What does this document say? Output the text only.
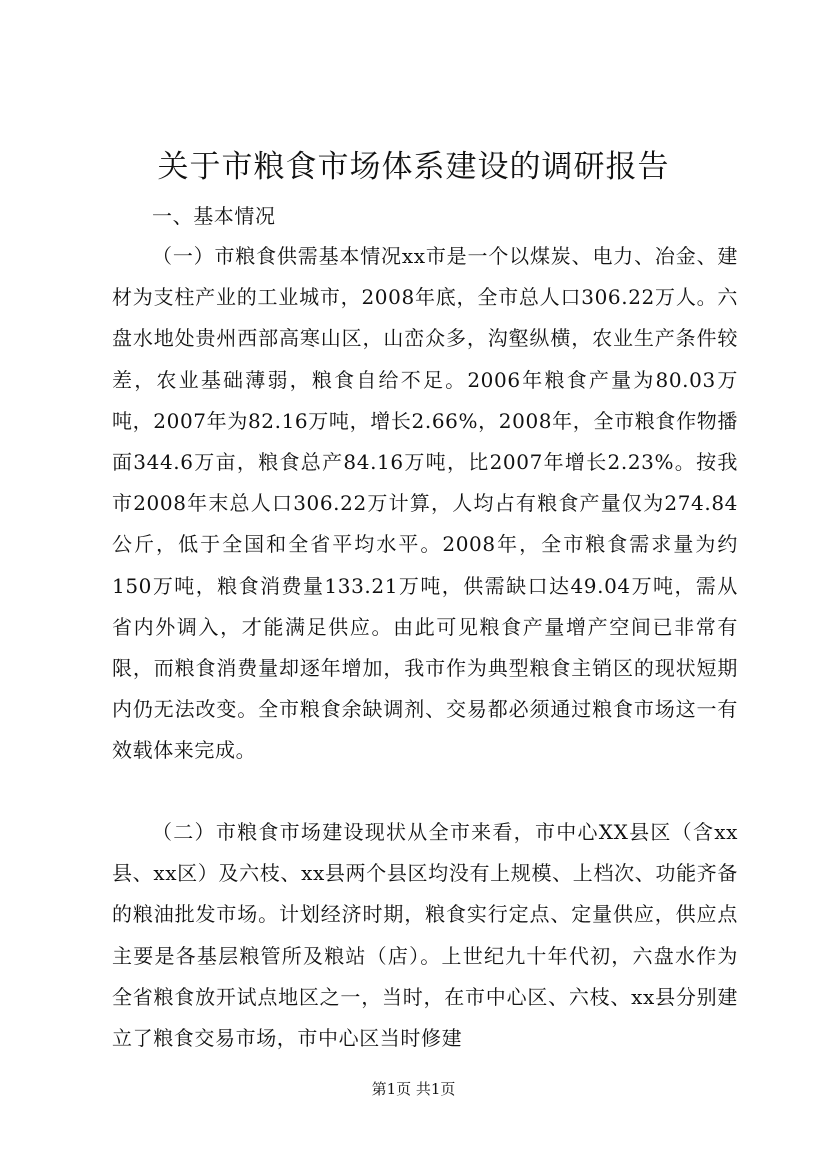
关于市粮食市场体系建设的调研报告

一、基本情况

（一）市粮食供需基本情况xx市是一个以煤炭、电力、冶金、建材为支柱产业的工业城市，2008年底，全市总人口306.22万人。六盘水地处贵州西部高寒山区，山峦众多，沟壑纵横，农业生产条件较差，农业基础薄弱，粮食自给不足。2006年粮食产量为80.03万吨，2007年为82.16万吨，增长2.66%，2008年，全市粮食作物播面344.6万亩，粮食总产84.16万吨，比2007年增长2.23%。按我市2008年末总人口306.22万计算，人均占有粮食产量仅为274.84公斤，低于全国和全省平均水平。2008年，全市粮食需求量为约150万吨，粮食消费量133.21万吨，供需缺口达49.04万吨，需从省内外调入，才能满足供应。由此可见粮食产量增产空间已非常有限，而粮食消费量却逐年增加，我市作为典型粮食主销区的现状短期内仍无法改变。全市粮食余缺调剂、交易都必须通过粮食市场这一有效载体来完成。

（二）市粮食市场建设现状从全市来看，市中心XX县区（含xx县、xx区）及六枝、xx县两个县区均没有上规模、上档次、功能齐备的粮油批发市场。计划经济时期，粮食实行定点、定量供应，供应点主要是各基层粮管所及粮站（店）。上世纪九十年代初，六盘水作为全省粮食放开试点地区之一，当时，在市中心区、六枝、xx县分别建立了粮食交易市场，市中心区当时修建

第1页 共1页
